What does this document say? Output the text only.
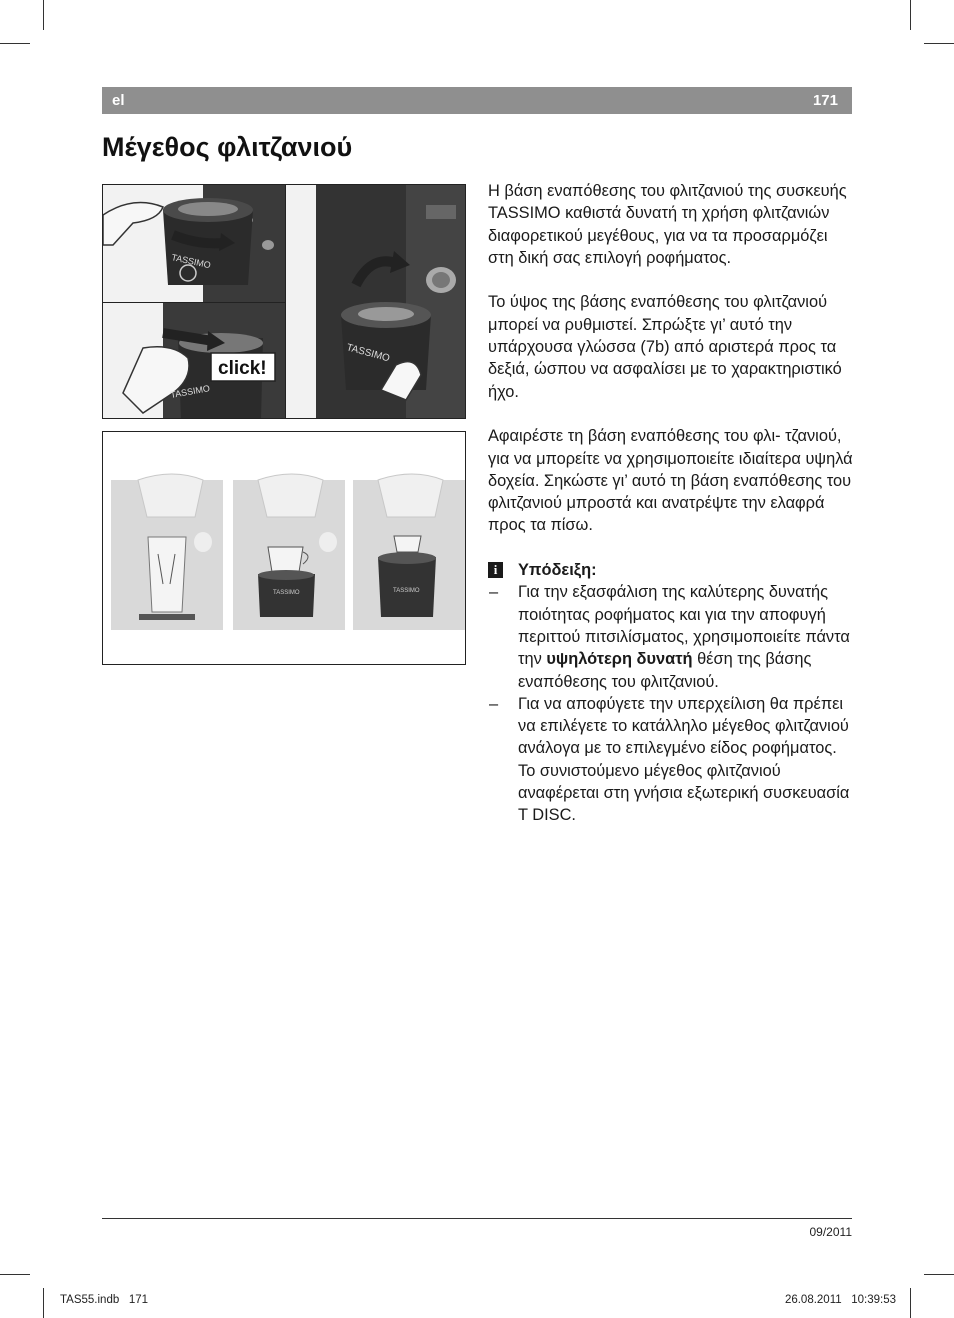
el	171
Μέγεθος φλιτζανιού
TASSIMO
click!
TASSIMO
TASSIMO
TASSIMO	TASSIMO

Η βάση εναπόθεσης του φλιτζανιού της συσκευής TASSIMO καθιστά δυνατή τη χρήση φλιτζανιών διαφορετικού μεγέθους, για να τα προσαρμόζει στη δική σας επιλογή ροφήματος.

Το ύψος της βάσης εναπόθεσης του φλιτζανιού μπορεί να ρυθμιστεί. Σπρώξτε γι’ αυτό την υπάρχουσα γλώσσα (7b) από αριστερά προς τα δεξιά, ώσπου να ασφαλίσει με το χαρακτηριστικό ήχο.

Αφαιρέστε τη βάση εναπόθεσης του φλι- τζανιού, για να μπορείτε να χρησιμοποιείτε ιδιαίτερα υψηλά δοχεία. Σηκώστε γι’ αυτό τη βάση εναπόθεσης του φλιτζανιού μπροστά και ανατρέψτε την ελαφρά προς τα πίσω.

i	Υπόδειξη:
– Για την εξασφάλιση της καλύτερης δυνατής ποιότητας ροφήματος και για την αποφυγή περιττού πιτσιλίσματος, χρησιμοποιείτε πάντα την υψηλότερη δυνατή θέση της βάσης εναπόθεσης του φλιτζανιού.
– Για να αποφύγετε την υπερχείλιση θα πρέπει να επιλέγετε το κατάλληλο μέγεθος φλιτζανιού ανάλογα με το επιλεγμένο είδος ροφήματος. Το συνιστούμενο μέγεθος φλιτζανιού αναφέρεται στη γνήσια εξωτερική συσκευασία T DISC.
09/2011
TAS55.indb   171	26.08.2011   10:39:53
